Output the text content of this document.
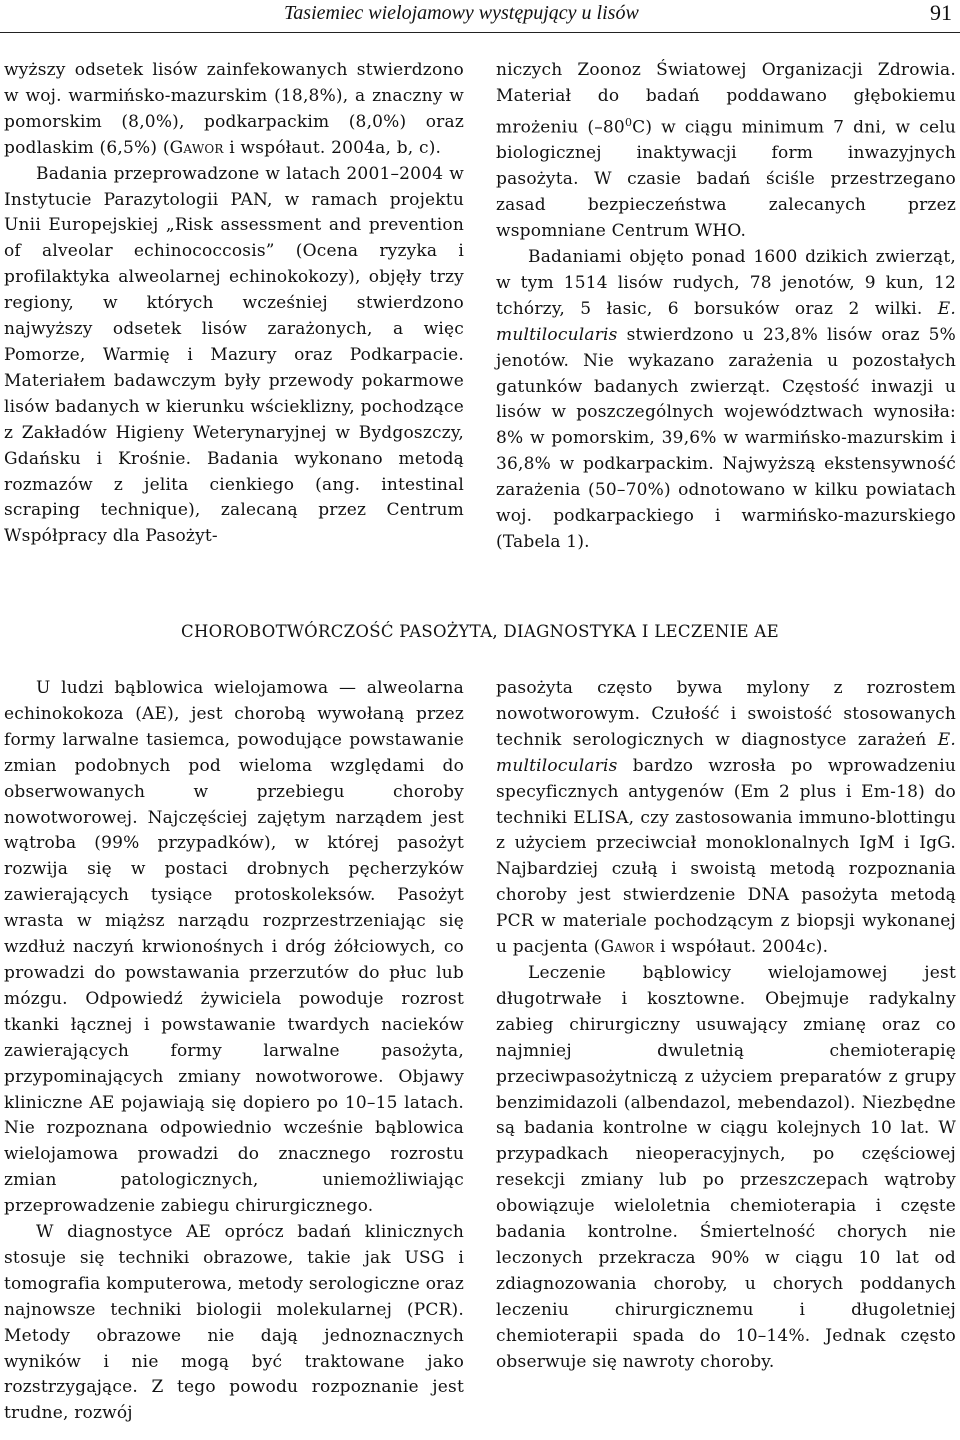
Tasiemiec wielojamowy występujący u lisów	91

wyższy odsetek lisów zainfekowanych stwierdzono w woj. warmińsko-mazurskim (18,8%), a znaczny w pomorskim (8,0%), podkarpackim (8,0%) oraz podlaskim (6,5%) (Gawor i współaut. 2004a, b, c).

Badania przeprowadzone w latach 2001–2004 w Instytucie Parazytologii PAN, w ramach projektu Unii Europejskiej „Risk assessment and prevention of alveolar echinococcosis” (Ocena ryzyka i profilaktyka alweolarnej echinokokozy), objęły trzy regiony, w których wcześniej stwierdzono najwyższy odsetek lisów zarażonych, a więc Pomorze, Warmię i Mazury oraz Podkarpacie. Materiałem badawczym były przewody pokarmowe lisów badanych w kierunku wścieklizny, pochodzące z Zakładów Higieny Weterynaryjnej w Bydgoszczy, Gdańsku i Krośnie. Badania wykonano metodą rozmazów z jelita cienkiego (ang. intestinal scraping technique), zalecaną przez Centrum Współpracy dla Pasożyt-

niczych Zoonoz Światowej Organizacji Zdrowia. Materiał do badań poddawano głębokiemu mrożeniu $(-80^0C)$ w ciągu minimum 7 dni, w celu biologicznej inaktywacji form inwazyjnych pasożyta. W czasie badań ściśle przestrzegano zasad bezpieczeństwa zalecanych przez wspomniane Centrum WHO.

Badaniami objęto ponad 1600 dzikich zwierząt, w tym 1514 lisów rudych, 78 jenotów, 9 kun, 12 tchórzy, 5 łasic, 6 borsuków oraz 2 wilki. E. multilocularis stwierdzono u 23,8% lisów oraz 5% jenotów. Nie wykazano zarażenia u pozostałych gatunków badanych zwierząt. Częstość inwazji u lisów w poszczególnych województwach wynosiła: 8% w pomorskim, 39,6% w warmińsko-mazurskim i 36,8% w podkarpackim. Najwyższą ekstensywność zarażenia (50–70%) odnotowano w kilku powiatach woj. podkarpackiego i warmińsko-mazurskiego (Tabela 1).

CHOROBOTWÓRCZOŚĆ PASOŻYTA, DIAGNOSTYKA I LECZENIE AE

U ludzi bąblowica wielojamowa — alweolarna echinokokoza (AE), jest chorobą wywołaną przez formy larwalne tasiemca, powodujące powstawanie zmian podobnych pod wieloma względami do obserwowanych w przebiegu choroby nowotworowej. Najczęściej zajętym narządem jest wątroba (99% przypadków), w której pasożyt rozwija się w postaci drobnych pęcherzyków zawierających tysiące protoskoleksów. Pasożyt wrasta w miąższ narządu rozprzestrzeniając się wzdłuż naczyń krwionośnych i dróg żółciowych, co prowadzi do powstawania przerzutów do płuc lub mózgu. Odpowiedź żywiciela powoduje rozrost tkanki łącznej i powstawanie twardych nacieków zawierających formy larwalne pasożyta, przypominających zmiany nowotworowe. Objawy kliniczne AE pojawiają się dopiero po 10–15 latach. Nie rozpoznana odpowiednio wcześnie bąblowica wielojamowa prowadzi do znacznego rozrostu zmian patologicznych, uniemożliwiając przeprowadzenie zabiegu chirurgicznego.

W diagnostyce AE oprócz badań klinicznych stosuje się techniki obrazowe, takie jak USG i tomografia komputerowa, metody serologiczne oraz najnowsze techniki biologii molekularnej (PCR). Metody obrazowe nie dają jednoznacznych wyników i nie mogą być traktowane jako rozstrzygające. Z tego powodu rozpoznanie jest trudne, rozwój

pasożyta często bywa mylony z rozrostem nowotworowym. Czułość i swoistość stosowanych technik serologicznych w diagnostyce zarażeń E. multilocularis bardzo wzrosła po wprowadzeniu specyficznych antygenów (Em 2 plus i Em-18) do techniki ELISA, czy zastosowania immuno-blottingu z użyciem przeciwciał monoklonalnych IgM i IgG. Najbardziej czułą i swoistą metodą rozpoznania choroby jest stwierdzenie DNA pasożyta metodą PCR w materiale pochodzącym z biopsji wykonanej u pacjenta (Gawor i współaut. 2004c).

Leczenie bąblowicy wielojamowej jest długotrwałe i kosztowne. Obejmuje radykalny zabieg chirurgiczny usuwający zmianę oraz co najmniej dwuletnią chemioterapię przeciwpasożytniczą z użyciem preparatów z grupy benzimidazoli (albendazol, mebendazol). Niezbędne są badania kontrolne w ciągu kolejnych 10 lat. W przypadkach nieoperacyjnych, po częściowej resekcji zmiany lub po przeszczepach wątroby obowiązuje wieloletnia chemioterapia i częste badania kontrolne. Śmiertelność chorych nie leczonych przekracza 90% w ciągu 10 lat od zdiagnozowania choroby, u chorych poddanych leczeniu chirurgicznemu i długoletniej chemioterapii spada do 10–14%. Jednak często obserwuje się nawroty choroby.
